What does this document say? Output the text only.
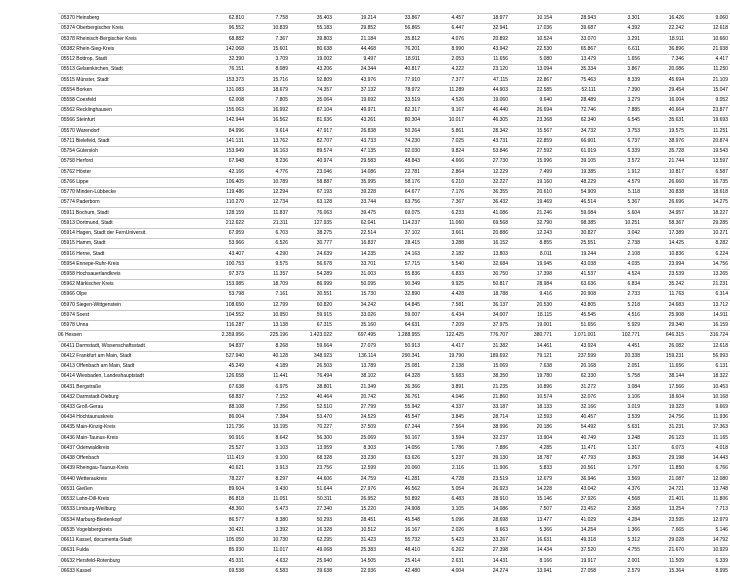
05370 Heinsberg	62.810	7.758	35.403	19.214	33.867	4.457	18.977	10.154	28.943	3.301	16.426	9.060
05374 Oberbergischer Kreis	96.552	10.839	55.183	29.852	56.865	6.447	32.941	17.036	39.687	4.392	22.242	12.618
05378 Rheinisch-Bergischer Kreis	68.882	7.367	39.803	21.184	35.812	4.076	20.892	10.524	33.070	3.291	18.911	10.660
05382 Rhein-Sieg-Kreis	142.068	15.601	80.638	44.468	76.201	8.990	43.942	22.530	65.867	6.611	36.896	21.938
05512 Bottrop, Stadt	32.390	3.709	19.002	9.497	18.911	2.053	11.656	5.080	13.479	1.656	7.346	4.417
05513 Gelsenkirchen, Stadt	76.151	8.089	43.206	24.344	40.817	4.222	23.120	13.094	35.334	3.867	20.086	11.250
05515 Münster, Stadt	153.373	15.716	92.809	43.976	77.910	7.377	47.115	22.867	75.463	8.339	45.694	21.109
05554 Borken	131.083	18.679	74.357	37.132	78.972	11.289	44.903	22.585	52.111	7.390	29.454	15.047
05558 Coesfeld	62.008	7.805	35.064	19.692	33.519	4.526	19.060	9.640	28.489	3.279	16.004	9.052
05562 Recklinghausen	155.063	16.992	87.104	49.971	82.317	9.167	46.440	26.694	72.746	7.885	40.664	23.877
05566 Steinfurt	142.944	16.562	81.936	43.261	80.304	10.017	46.305	23.368	62.340	6.545	35.631	19.693
05570 Warendorf	84.996	9.614	47.917	26.838	50.264	5.861	28.342	15.567	34.732	3.753	19.575	11.251
05711 Bielefeld, Stadt	141.131	13.762	82.707	43.733	74.230	7.025	43.731	22.859	66.901	6.737	38.976	20.874
05754 Gütersloh	153.949	16.163	89.574	47.135	92.030	9.824	53.846	27.592	61.919	6.339	35.728	19.543
05758 Herford	67.948	8.236	40.974	29.583	48.843	4.666	27.730	15.996	39.105	3.572	21.744	13.597
05762 Höxter	42.166	4.776	23.046	14.086	22.781	2.864	12.229	7.499	19.385	1.912	10.817	6.587
05766 Lippe	106.405	10.789	58.887	35.995	58.176	6.210	32.227	19.160	48.229	4.579	26.660	16.735
05770 Minden-Lübbecke	119.486	12.294	67.193	39.228	64.677	7.176	36.355	20.610	54.909	5.118	30.838	18.618
05774 Paderborn	110.270	12.734	63.128	33.744	63.756	7.367	36.432	19.469	46.514	5.367	26.696	14.275
05911 Bochum, Stadt	128.159	11.837	76.063	39.475	69.075	6.233	41.086	21.246	59.084	5.604	34.957	18.227
05913 Dortmund, Stadt	212.622	21.311	127.935	62.041	114.237	11.060	69.568	32.790	98.385	10.251	58.367	29.285
05914 Hagen, Stadt der FernUniversit.	67.959	6.703	38.275	22.514	37.102	3.661	20.886	12.243	30.827	3.042	17.389	10.271
05915 Hamm, Stadt	53.966	6.526	30.777	16.837	28.415	3.288	16.152	8.855	25.551	2.738	14.425	8.282
05916 Herne, Stadt	43.407	4.290	24.639	14.235	24.163	2.182	13.803	8.011	19.244	2.108	10.836	6.224
05954 Ennepe-Ruhr-Kreis	100.753	9.575	56.678	33.701	57.715	5.540	32.684	19.945	43.038	4.035	23.994	14.756
05958 Hochsauerlandkreis	97.373	11.357	54.289	31.003	55.836	6.833	30.750	17.398	41.537	4.524	23.539	13.265
05962 Märkischer Kreis	153.985	18.709	86.999	50.095	90.349	9.925	50.817	28.984	63.636	6.834	35.242	21.231
05966 Olpe	53.798	7.161	30.551	15.730	32.890	4.428	18.788	9.416	20.908	2.733	11.763	6.314
05970 Siegen-Wittgenstein	108.650	12.799	60.820	34.242	64.845	7.581	36.137	20.530	43.805	5.218	24.683	13.712
05974 Soest	104.552	10.950	59.915	33.026	59.007	6.434	34.007	18.115	45.545	4.516	25.908	14.911
05978 Unna	116.287	13.138	67.315	35.160	64.631	7.209	37.975	19.001	51.656	5.929	29.340	16.159
06 Hessen	2.359.956	225.196	1.423.022	697.495	1.288.955	122.425	776.707	380.771	1.071.001	102.771	646.315	316.724
06411 Darmstadt, Wissenschaftsstadt	94.837	8.268	59.664	27.079	50.913	4.417	31.382	14.461	43.924	4.451	26.082	12.618
06412 Frankfurt am Main, Stadt	527.940	40.128	348.923	136.114	290.341	19.790	189.692	79.121	237.599	20.338	159.231	56.993
06413 Offenbach am Main, Stadt	45.249	4.189	26.503	13.789	25.081	2.138	15.069	7.638	20.168	2.051	11.656	6.131
06414 Wiesbaden, Landeshauptstadt	126.658	11.441	76.494	38.102	64.328	5.683	38.350	19.780	62.330	5.758	38.144	18.322
06431 Bergstraße	67.638	6.975	38.801	21.349	36.366	3.891	21.235	10.896	31.272	3.084	17.566	10.453
06432 Darmstadt-Dieburg	68.837	7.152	40.464	20.742	36.761	4.046	21.860	10.574	32.076	3.106	18.604	10.168
06433 Groß-Gerau	88.108	7.356	52.510	27.799	55.942	4.337	33.187	18.133	32.166	3.019	19.323	9.669
06434 Hochtaunuskreis	86.004	7.384	53.470	24.529	45.547	3.845	28.714	12.593	40.457	3.539	24.756	11.936
06435 Main-Kinzig-Kreis	121.736	13.195	70.227	37.509	67.244	7.564	38.996	20.186	54.492	5.631	31.231	17.363
06436 Main-Taunus-Kreis	90.916	8.642	56.300	25.069	50.167	3.594	32.237	13.904	40.749	3.248	26.123	11.165
06437 Odenwaldkreis	25.527	3.103	13.959	8.303	14.056	1.786	7.886	4.285	11.471	1.317	6.073	4.018
06438 Offenbach	111.419	9.100	68.328	33.230	63.626	5.237	39.130	18.787	47.793	3.863	29.198	14.443
06439 Rheingau-Taunus-Kreis	40.621	3.913	23.756	12.599	20.060	2.116	11.906	5.833	20.561	1.797	11.850	6.766
06440 Wetteraukreis	78.227	8.297	44.606	24.759	41.281	4.728	23.519	12.679	36.946	3.569	21.087	12.080
06531 Gießen	89.604	9.430	51.644	27.976	46.562	5.054	26.923	14.228	43.042	4.376	24.721	13.748
06532 Lahn-Dill-Kreis	86.818	11.051	50.311	26.952	50.892	6.483	28.910	15.146	37.926	4.568	21.401	11.806
06533 Limburg-Weilburg	48.360	5.473	27.340	15.220	24.908	3.105	14.086	7.507	23.452	2.368	13.254	7.713
06534 Marburg-Biedenkopf	86.577	8.380	50.293	28.451	45.548	5.096	28.698	13.477	41.029	4.284	23.595	12.979
06535 Vogelsbergkreis	30.421	3.392	16.328	10.512	16.167	2.026	8.663	5.366	14.254	1.366	7.665	5.146
06611 Kassel, documenta-Stadt	105.050	10.730	62.295	31.423	55.732	5.423	33.267	16.631	49.318	5.312	29.028	14.792
06631 Fulda	85.930	11.017	49.068	25.383	48.410	6.262	27.398	14.434	37.520	4.755	21.670	10.929
06632 Hersfeld-Rotenburg	45.331	4.632	25.940	14.505	25.414	2.631	14.431	8.166	19.917	2.001	11.509	6.339
06633 Kassel	69.538	6.583	39.638	22.936	42.480	4.004	24.274	13.941	27.058	2.579	15.364	8.995
